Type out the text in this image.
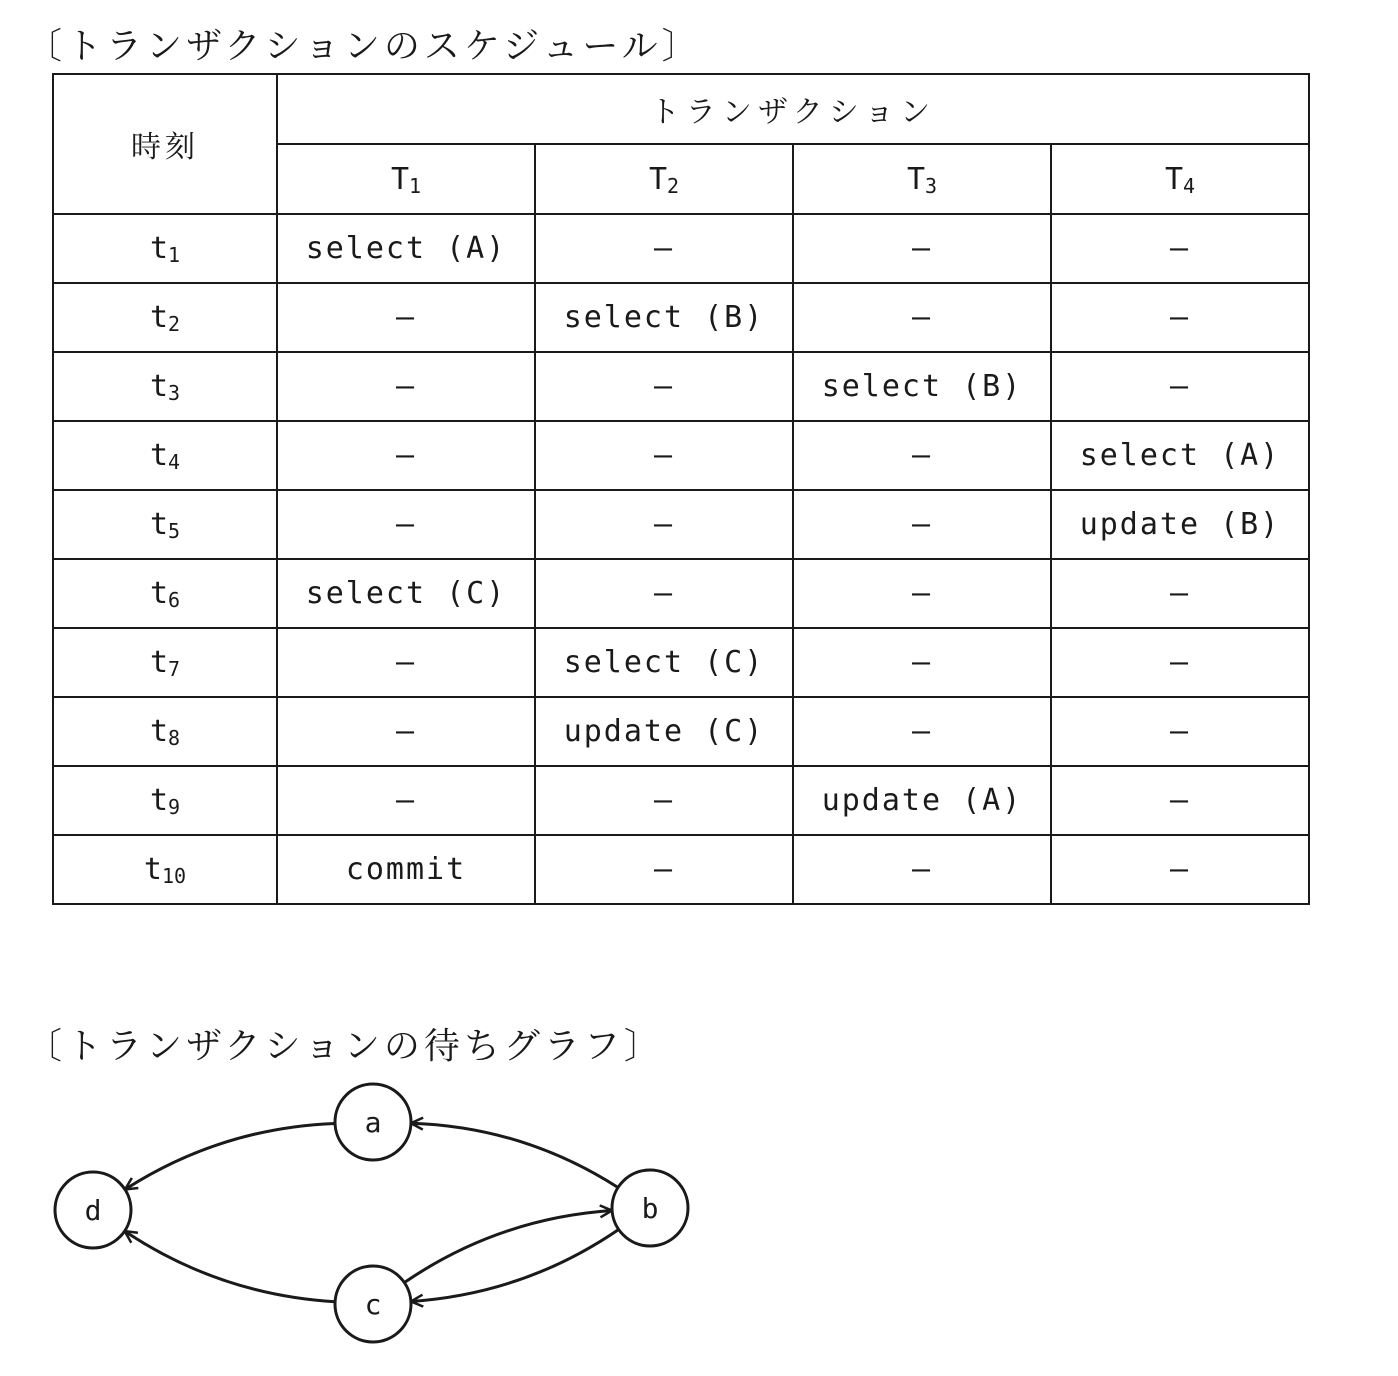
〔トランザクションのスケジュール〕
時刻	トランザクション			
	$T_1$	$T_2$	$T_3$	$T_4$
$t_1$	select (A)	—	—	—
$t_2$	—	select (B)	—	—
$t_3$	—	—	select (B)	—
$t_4$	—	—	—	select (A)
$t_5$	—	—	—	update (B)
$t_6$	select (C)	—	—	—
$t_7$	—	select (C)	—	—
$t_8$	—	update (C)	—	—
$t_9$	—	—	update (A)	—
$t_{10}$	commit	—	—	—
〔トランザクションの待ちグラフ〕
a
b
c
d
